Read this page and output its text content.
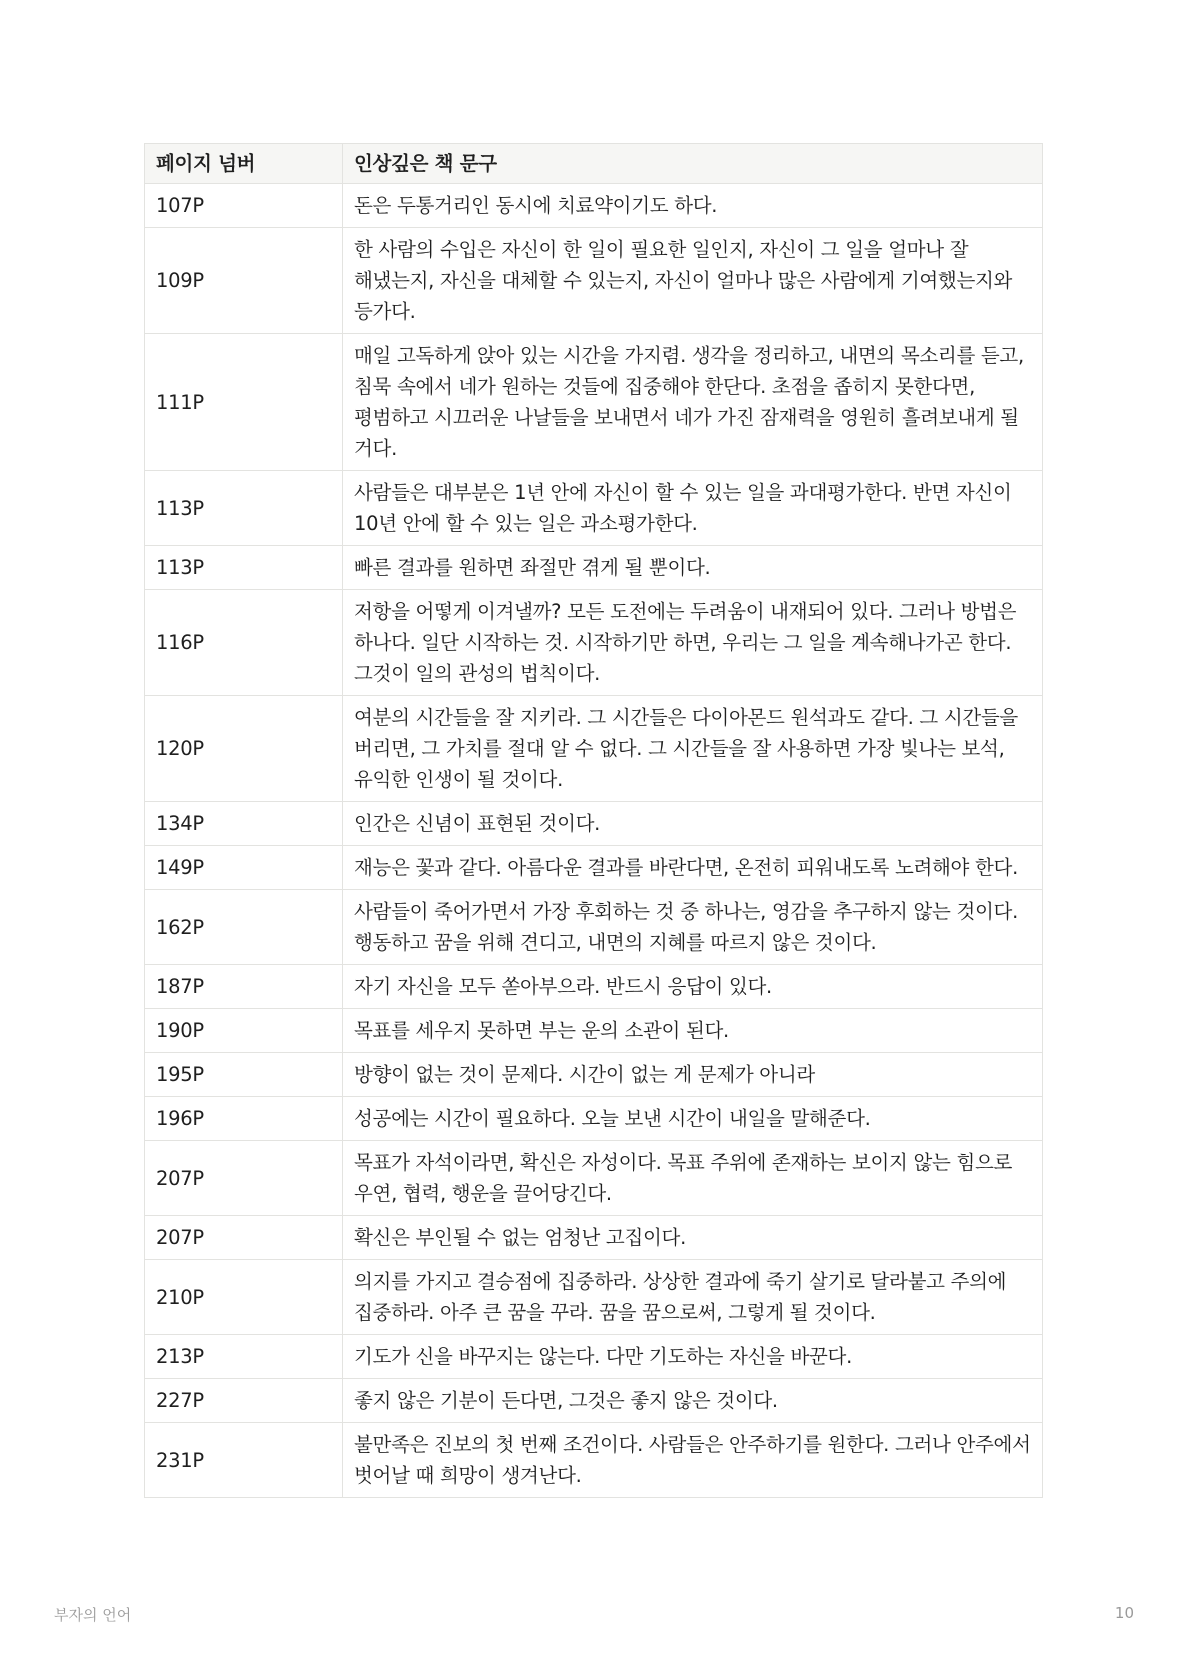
페이지 넘버	인상깊은 책 문구
107P	돈은 두통거리인 동시에 치료약이기도 하다.
109P	한 사람의 수입은 자신이 한 일이 필요한 일인지, 자신이 그 일을 얼마나 잘 해냈는지, 자신을 대체할 수 있는지, 자신이 얼마나 많은 사람에게 기여했는지와 등가다.
111P	매일 고독하게 앉아 있는 시간을 가지렴. 생각을 정리하고, 내면의 목소리를 듣고, 침묵 속에서 네가 원하는 것들에 집중해야 한단다. 초점을 좁히지 못한다면, 평범하고 시끄러운 나날들을 보내면서 네가 가진 잠재력을 영원히 흘려보내게 될 거다.
113P	사람들은 대부분은 1년 안에 자신이 할 수 있는 일을 과대평가한다. 반면 자신이 10년 안에 할 수 있는 일은 과소평가한다.
113P	빠른 결과를 원하면 좌절만 겪게 될 뿐이다.
116P	저항을 어떻게 이겨낼까? 모든 도전에는 두려움이 내재되어 있다. 그러나 방법은 하나다. 일단 시작하는 것. 시작하기만 하면, 우리는 그 일을 계속해나가곤 한다. 그것이 일의 관성의 법칙이다.
120P	여분의 시간들을 잘 지키라. 그 시간들은 다이아몬드 원석과도 같다. 그 시간들을 버리면, 그 가치를 절대 알 수 없다. 그 시간들을 잘 사용하면 가장 빛나는 보석, 유익한 인생이 될 것이다.
134P	인간은 신념이 표현된 것이다.
149P	재능은 꽃과 같다. 아름다운 결과를 바란다면, 온전히 피워내도록 노려해야 한다.
162P	사람들이 죽어가면서 가장 후회하는 것 중 하나는, 영감을 추구하지 않는 것이다. 행동하고 꿈을 위해 견디고, 내면의 지혜를 따르지 않은 것이다.
187P	자기 자신을 모두 쏟아부으라. 반드시 응답이 있다.
190P	목표를 세우지 못하면 부는 운의 소관이 된다.
195P	방향이 없는 것이 문제다. 시간이 없는 게 문제가 아니라
196P	성공에는 시간이 필요하다. 오늘 보낸 시간이 내일을 말해준다.
207P	목표가 자석이라면, 확신은 자성이다. 목표 주위에 존재하는 보이지 않는 힘으로 우연, 협력, 행운을 끌어당긴다.
207P	확신은 부인될 수 없는 엄청난 고집이다.
210P	의지를 가지고 결승점에 집중하라. 상상한 결과에 죽기 살기로 달라붙고 주의에 집중하라. 아주 큰 꿈을 꾸라. 꿈을 꿈으로써, 그렇게 될 것이다.
213P	기도가 신을 바꾸지는 않는다. 다만 기도하는 자신을 바꾼다.
227P	좋지 않은 기분이 든다면, 그것은 좋지 않은 것이다.
231P	불만족은 진보의 첫 번째 조건이다. 사람들은 안주하기를 원한다. 그러나 안주에서 벗어날 때 희망이 생겨난다.
부자의 언어	10
